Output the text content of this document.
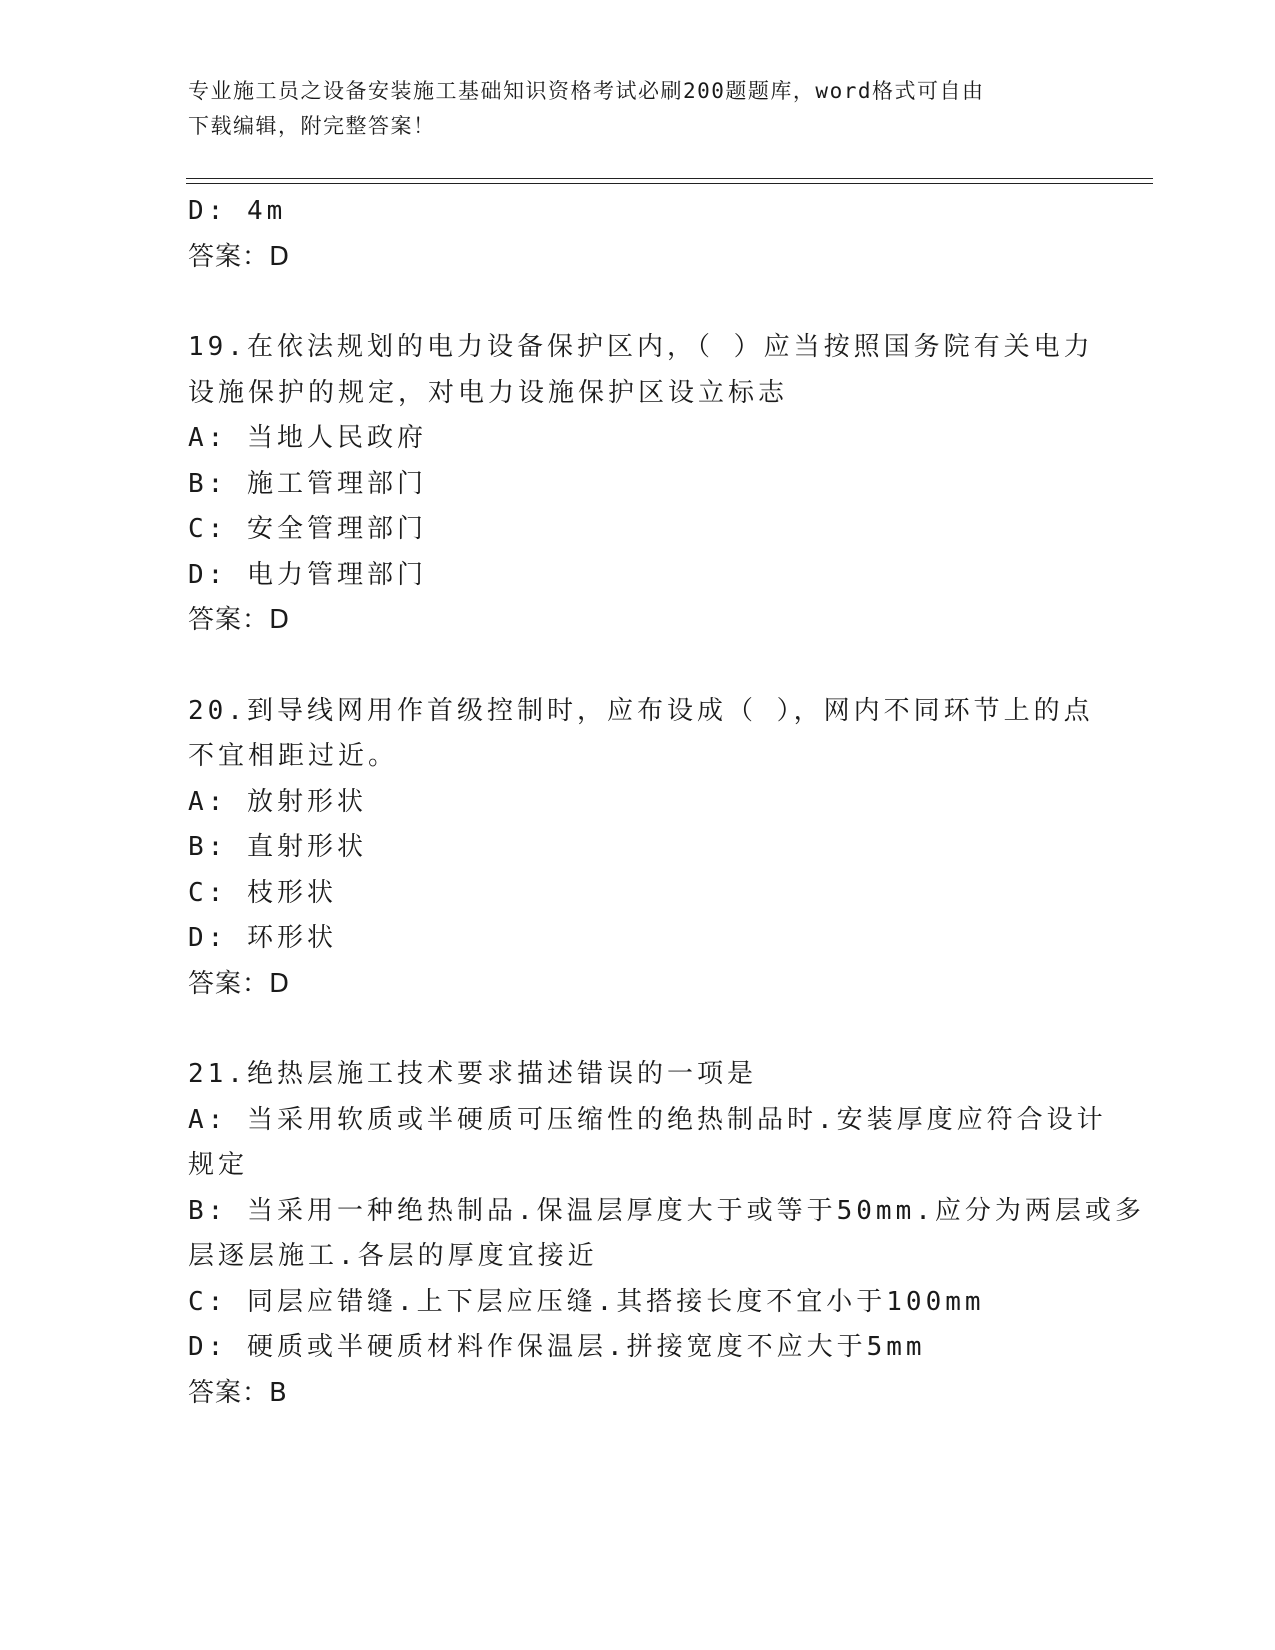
专业施工员之设备安装施工基础知识资格考试必刷200题题库，word格式可自由
下载编辑，附完整答案！
D: 4m
答案：D
19.在依法规划的电力设备保护区内，（ ）应当按照国务院有关电力
设施保护的规定，对电力设施保护区设立标志
A: 当地人民政府
B: 施工管理部门
C: 安全管理部门
D: 电力管理部门
答案：D
20.到导线网用作首级控制时，应布设成（ ），网内不同环节上的点
不宜相距过近。
A: 放射形状
B: 直射形状
C: 枝形状
D: 环形状
答案：D
21.绝热层施工技术要求描述错误的一项是
A: 当采用软质或半硬质可压缩性的绝热制品时.安装厚度应符合设计
规定
B: 当采用一种绝热制品.保温层厚度大于或等于50mm.应分为两层或多
层逐层施工.各层的厚度宜接近
C: 同层应错缝.上下层应压缝.其搭接长度不宜小于100mm
D: 硬质或半硬质材料作保温层.拼接宽度不应大于5mm
答案：B
